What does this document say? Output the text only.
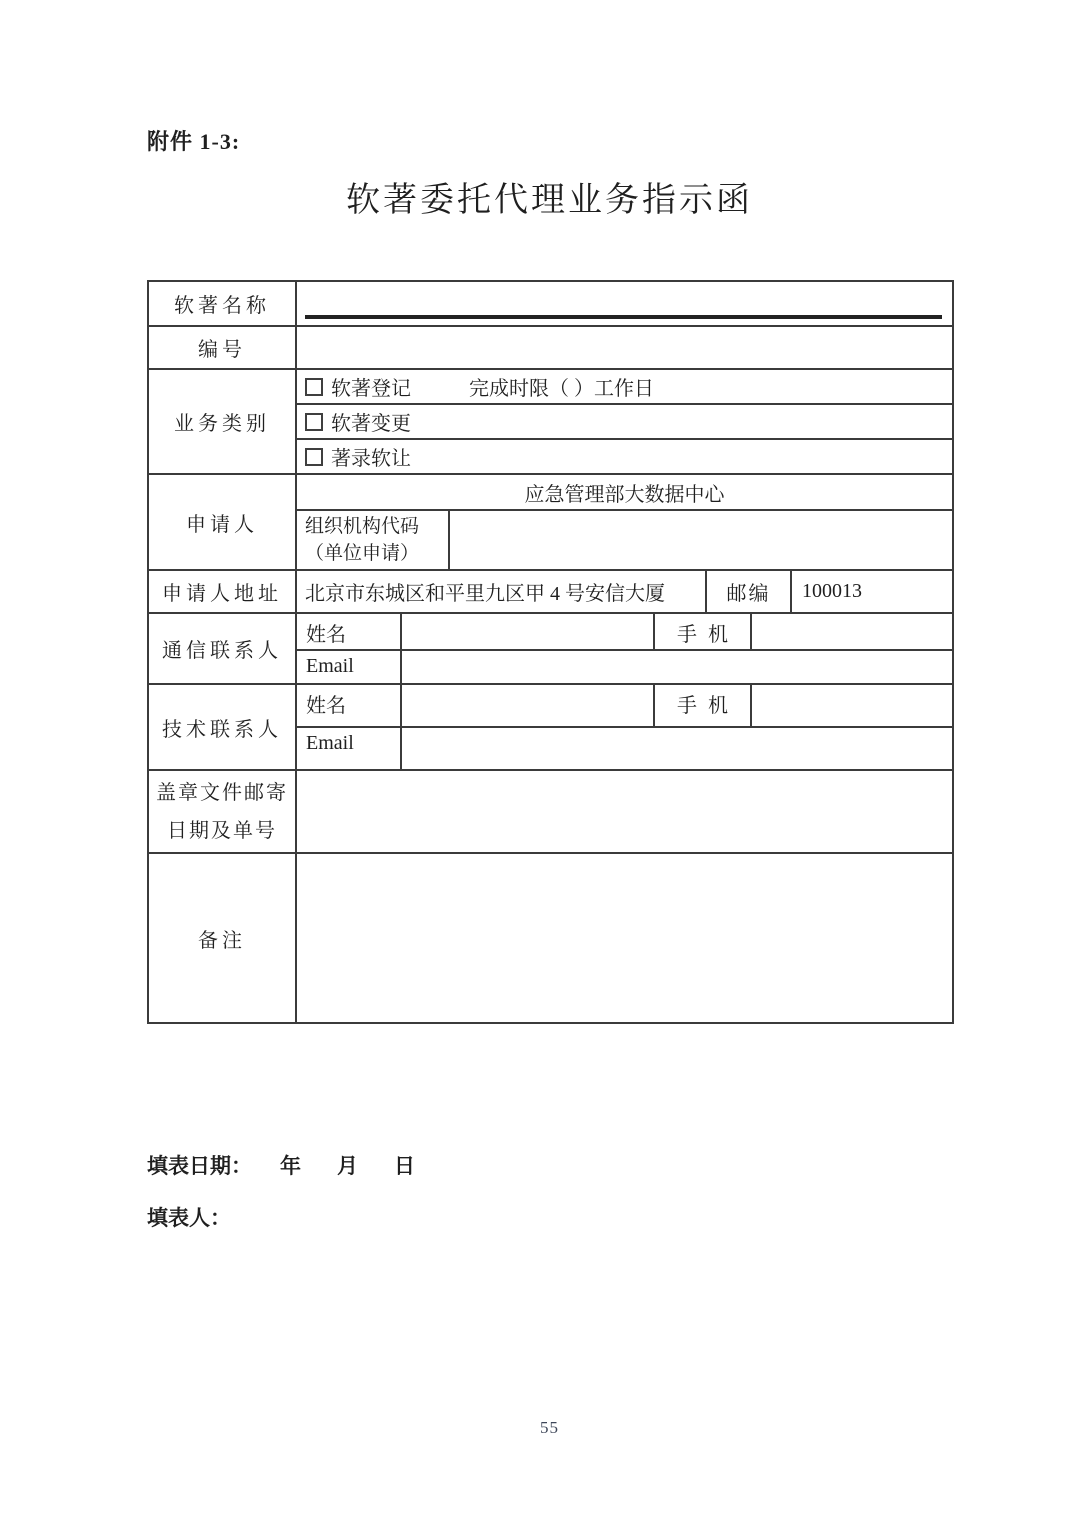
附件 1-3:
软著委托代理业务指示函
软著名称							

编号							
业务类别	软著登记 完成时限（ ）工作日						
	软著变更						
	著录软让						
申请人	应急管理部大数据中心						

	组织机构代码
（单位申请）						

申请人地址	北京市东城区和平里九区甲 4 号安信大厦				邮编		100013
通信联系人	姓名			手 机			
	Email						
技术联系人	姓名			手 机			
	Email						

盖章文件邮寄
日期及单号							

备注							
填表日期： 年 月 日
填表人：
55
